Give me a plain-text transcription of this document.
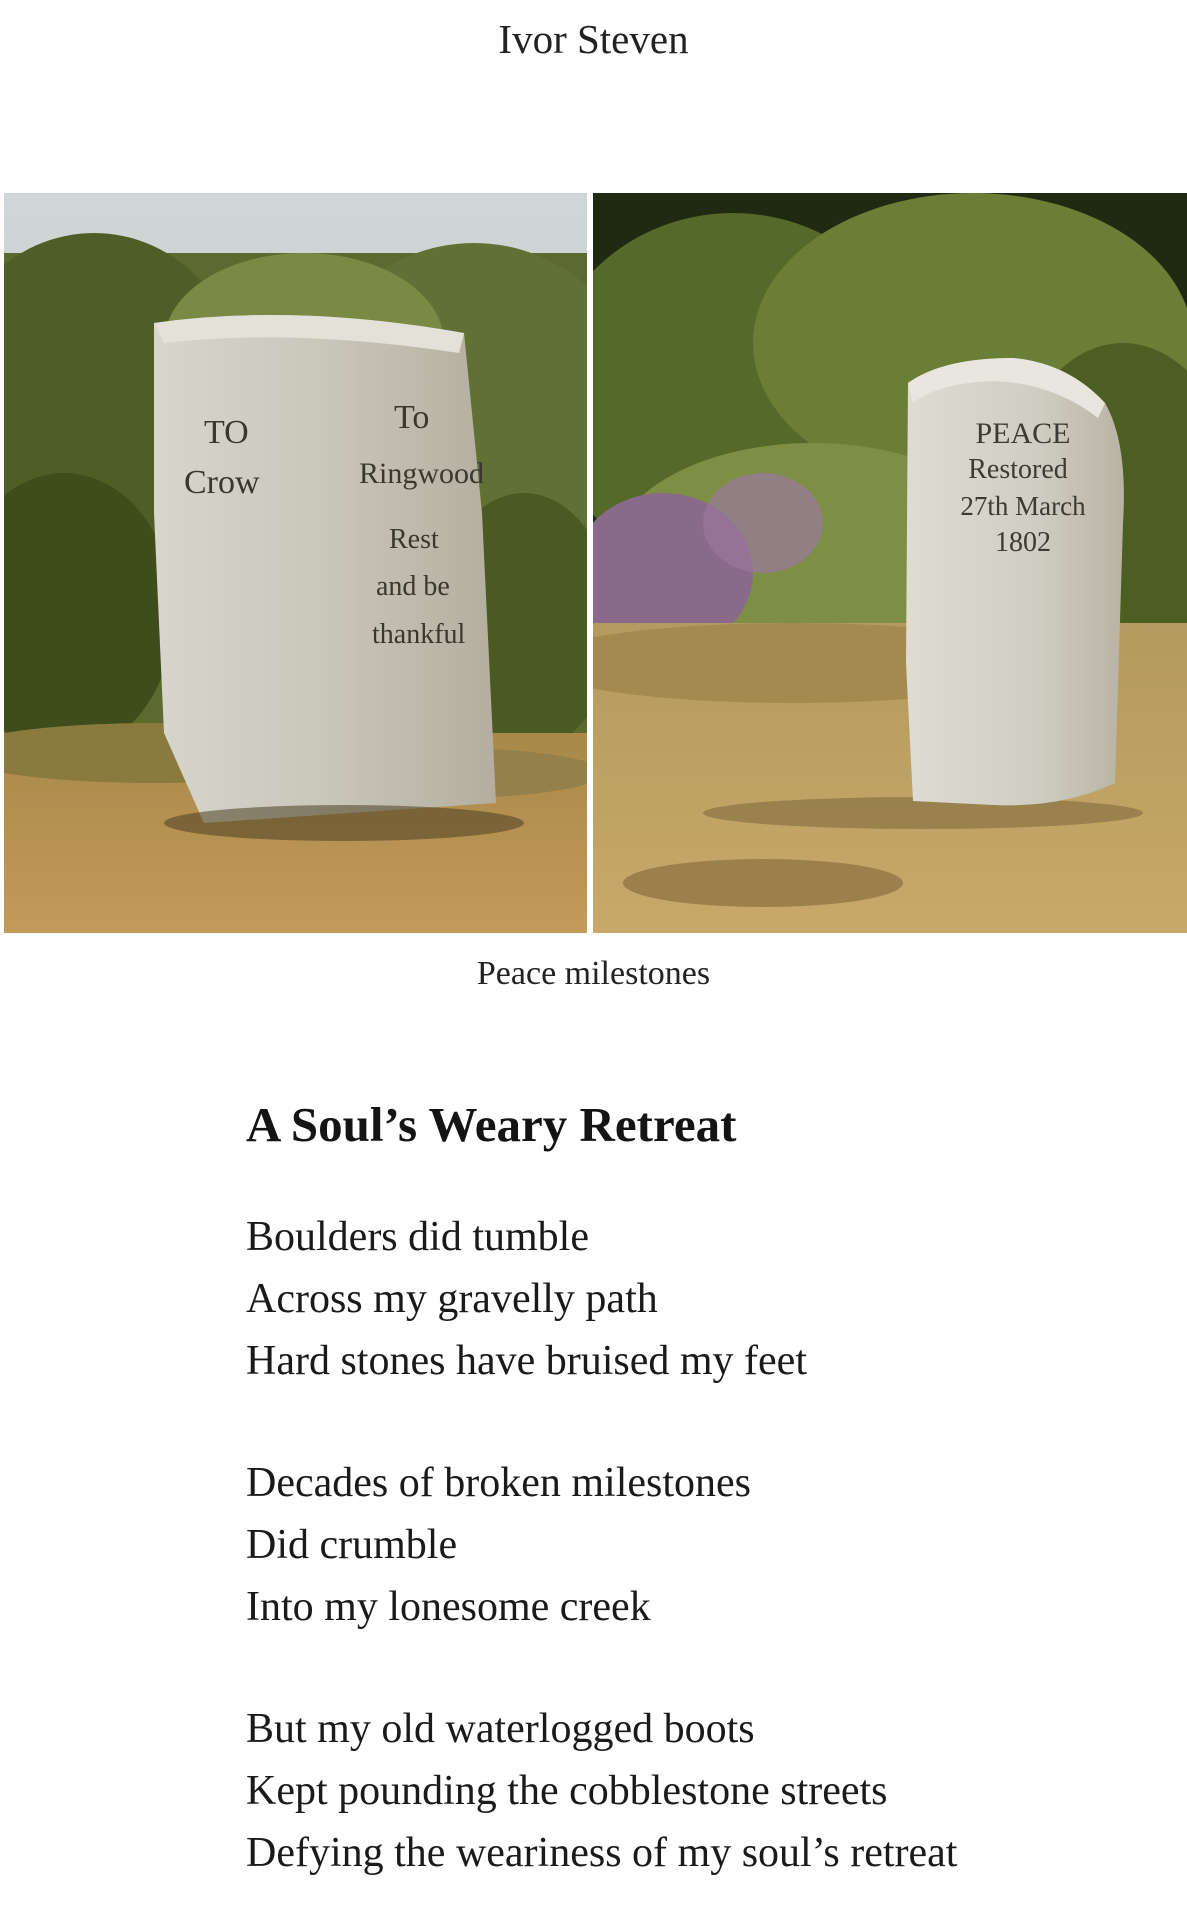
Ivor Steven
TO
Crow
To
Ringwood
Rest
and be
thankful
PEACE
Restored
27th March
1802
Peace milestones
A Soul’s Weary Retreat
Boulders did tumble
Across my gravelly path
Hard stones have bruised my feet
Decades of broken milestones
Did crumble
Into my lonesome creek
But my old waterlogged boots
Kept pounding the cobblestone streets
Defying the weariness of my soul’s retreat
